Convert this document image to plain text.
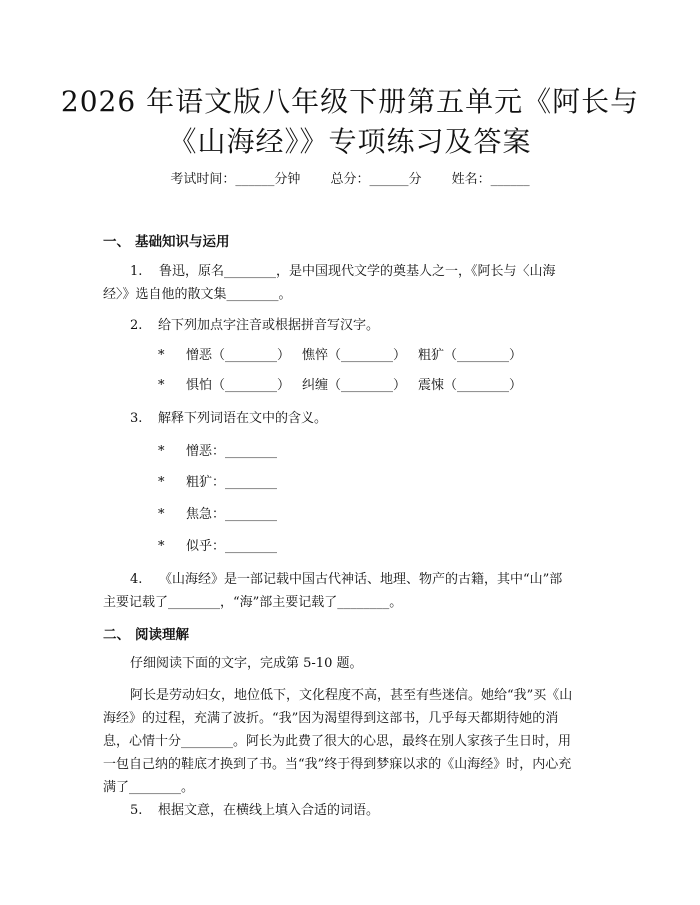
2026 年语文版八年级下册第五单元《阿长与
《山海经》》专项练习及答案
考试时间：______分钟 总分：______分 姓名：______
一、 基础知识与运用
1. 鲁迅，原名________，是中国现代文学的奠基人之一，《阿长与〈山海经〉》选自他的散文集________。
2. 给下列加点字注音或根据拼音写汉字。
* 憎恶（________） 憔悴（________） 粗犷（________）
* 惧怕（________） 纠缠（________） 震悚（________）
3. 解释下列词语在文中的含义。
* 憎恶：________
* 粗犷：________
* 焦急：________
* 似乎：________
4. 《山海经》是一部记载中国古代神话、地理、物产的古籍，其中“山”部主要记载了________，“海”部主要记载了________。
二、 阅读理解
仔细阅读下面的文字，完成第 5-10 题。
阿长是劳动妇女，地位低下，文化程度不高，甚至有些迷信。她给“我”买《山海经》的过程，充满了波折。“我”因为渴望得到这部书，几乎每天都期待她的消息，心情十分________。阿长为此费了很大的心思，最终在别人家孩子生日时，用一包自己纳的鞋底才换到了书。当“我”终于得到梦寐以求的《山海经》时，内心充满了________。
5. 根据文意，在横线上填入合适的词语。
